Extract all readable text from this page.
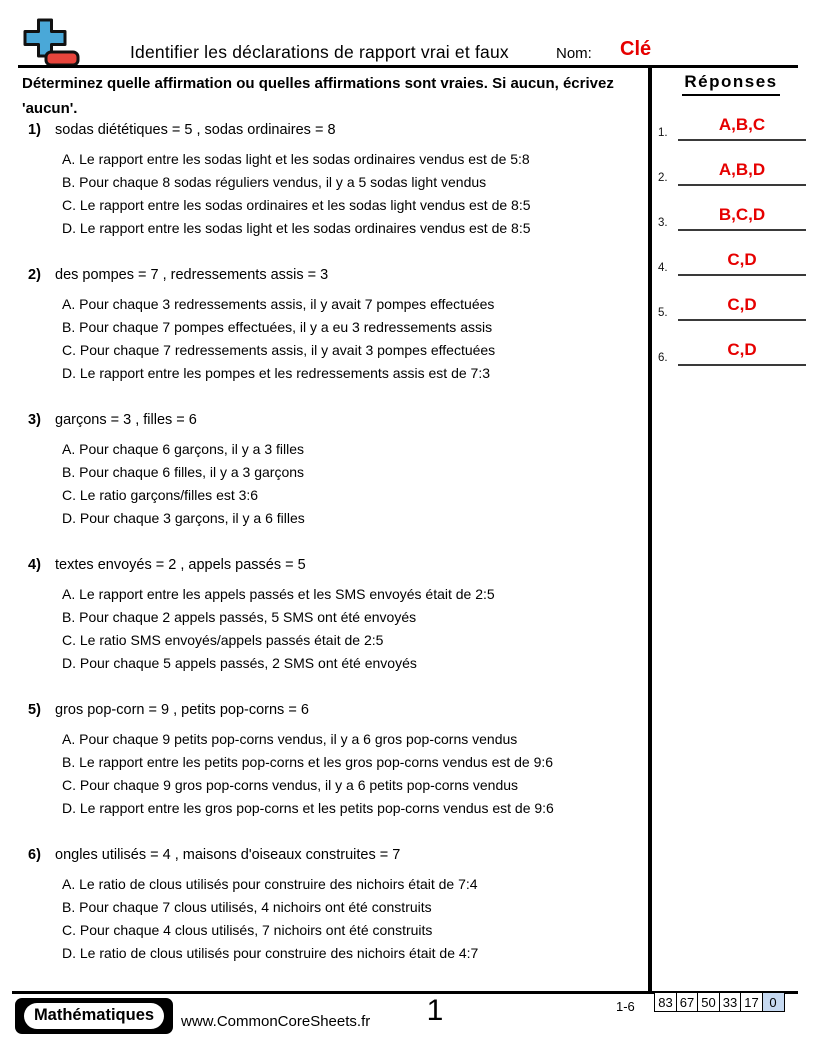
Identifier les déclarations de rapport vrai et faux	Nom: Clé
Déterminez quelle affirmation ou quelles affirmations sont vraies. Si aucun, écrivez 'aucun'.
1) sodas diététiques = 5 , sodas ordinaires = 8
A. Le rapport entre les sodas light et les sodas ordinaires vendus est de 5:8
B. Pour chaque 8 sodas réguliers vendus, il y a 5 sodas light vendus
C. Le rapport entre les sodas ordinaires et les sodas light vendus est de 8:5
D. Le rapport entre les sodas light et les sodas ordinaires vendus est de 8:5
2) des pompes = 7 , redressements assis = 3
A. Pour chaque 3 redressements assis, il y avait 7 pompes effectuées
B. Pour chaque 7 pompes effectuées, il y a eu 3 redressements assis
C. Pour chaque 7 redressements assis, il y avait 3 pompes effectuées
D. Le rapport entre les pompes et les redressements assis est de 7:3
3) garçons = 3 , filles = 6
A. Pour chaque 6 garçons, il y a 3 filles
B. Pour chaque 6 filles, il y a 3 garçons
C. Le ratio garçons/filles est 3:6
D. Pour chaque 3 garçons, il y a 6 filles
4) textes envoyés = 2 , appels passés = 5
A. Le rapport entre les appels passés et les SMS envoyés était de 2:5
B. Pour chaque 2 appels passés, 5 SMS ont été envoyés
C. Le ratio SMS envoyés/appels passés était de 2:5
D. Pour chaque 5 appels passés, 2 SMS ont été envoyés
5) gros pop-corn = 9 , petits pop-corns = 6
A. Pour chaque 9 petits pop-corns vendus, il y a 6 gros pop-corns vendus
B. Le rapport entre les petits pop-corns et les gros pop-corns vendus est de 9:6
C. Pour chaque 9 gros pop-corns vendus, il y a 6 petits pop-corns vendus
D. Le rapport entre les gros pop-corns et les petits pop-corns vendus est de 9:6
6) ongles utilisés = 4 , maisons d'oiseaux construites = 7
A. Le ratio de clous utilisés pour construire des nichoirs était de 7:4
B. Pour chaque 7 clous utilisés, 4 nichoirs ont été construits
C. Pour chaque 4 clous utilisés, 7 nichoirs ont été construits
D. Le ratio de clous utilisés pour construire des nichoirs était de 4:7
Réponses
1.	A,B,C
2.	A,B,D
3.	B,C,D
4.	C,D
5.	C,D
6.	C,D
Mathématiques	www.CommonCoreSheets.fr	1	1-6	83 67 50 33 17 0
